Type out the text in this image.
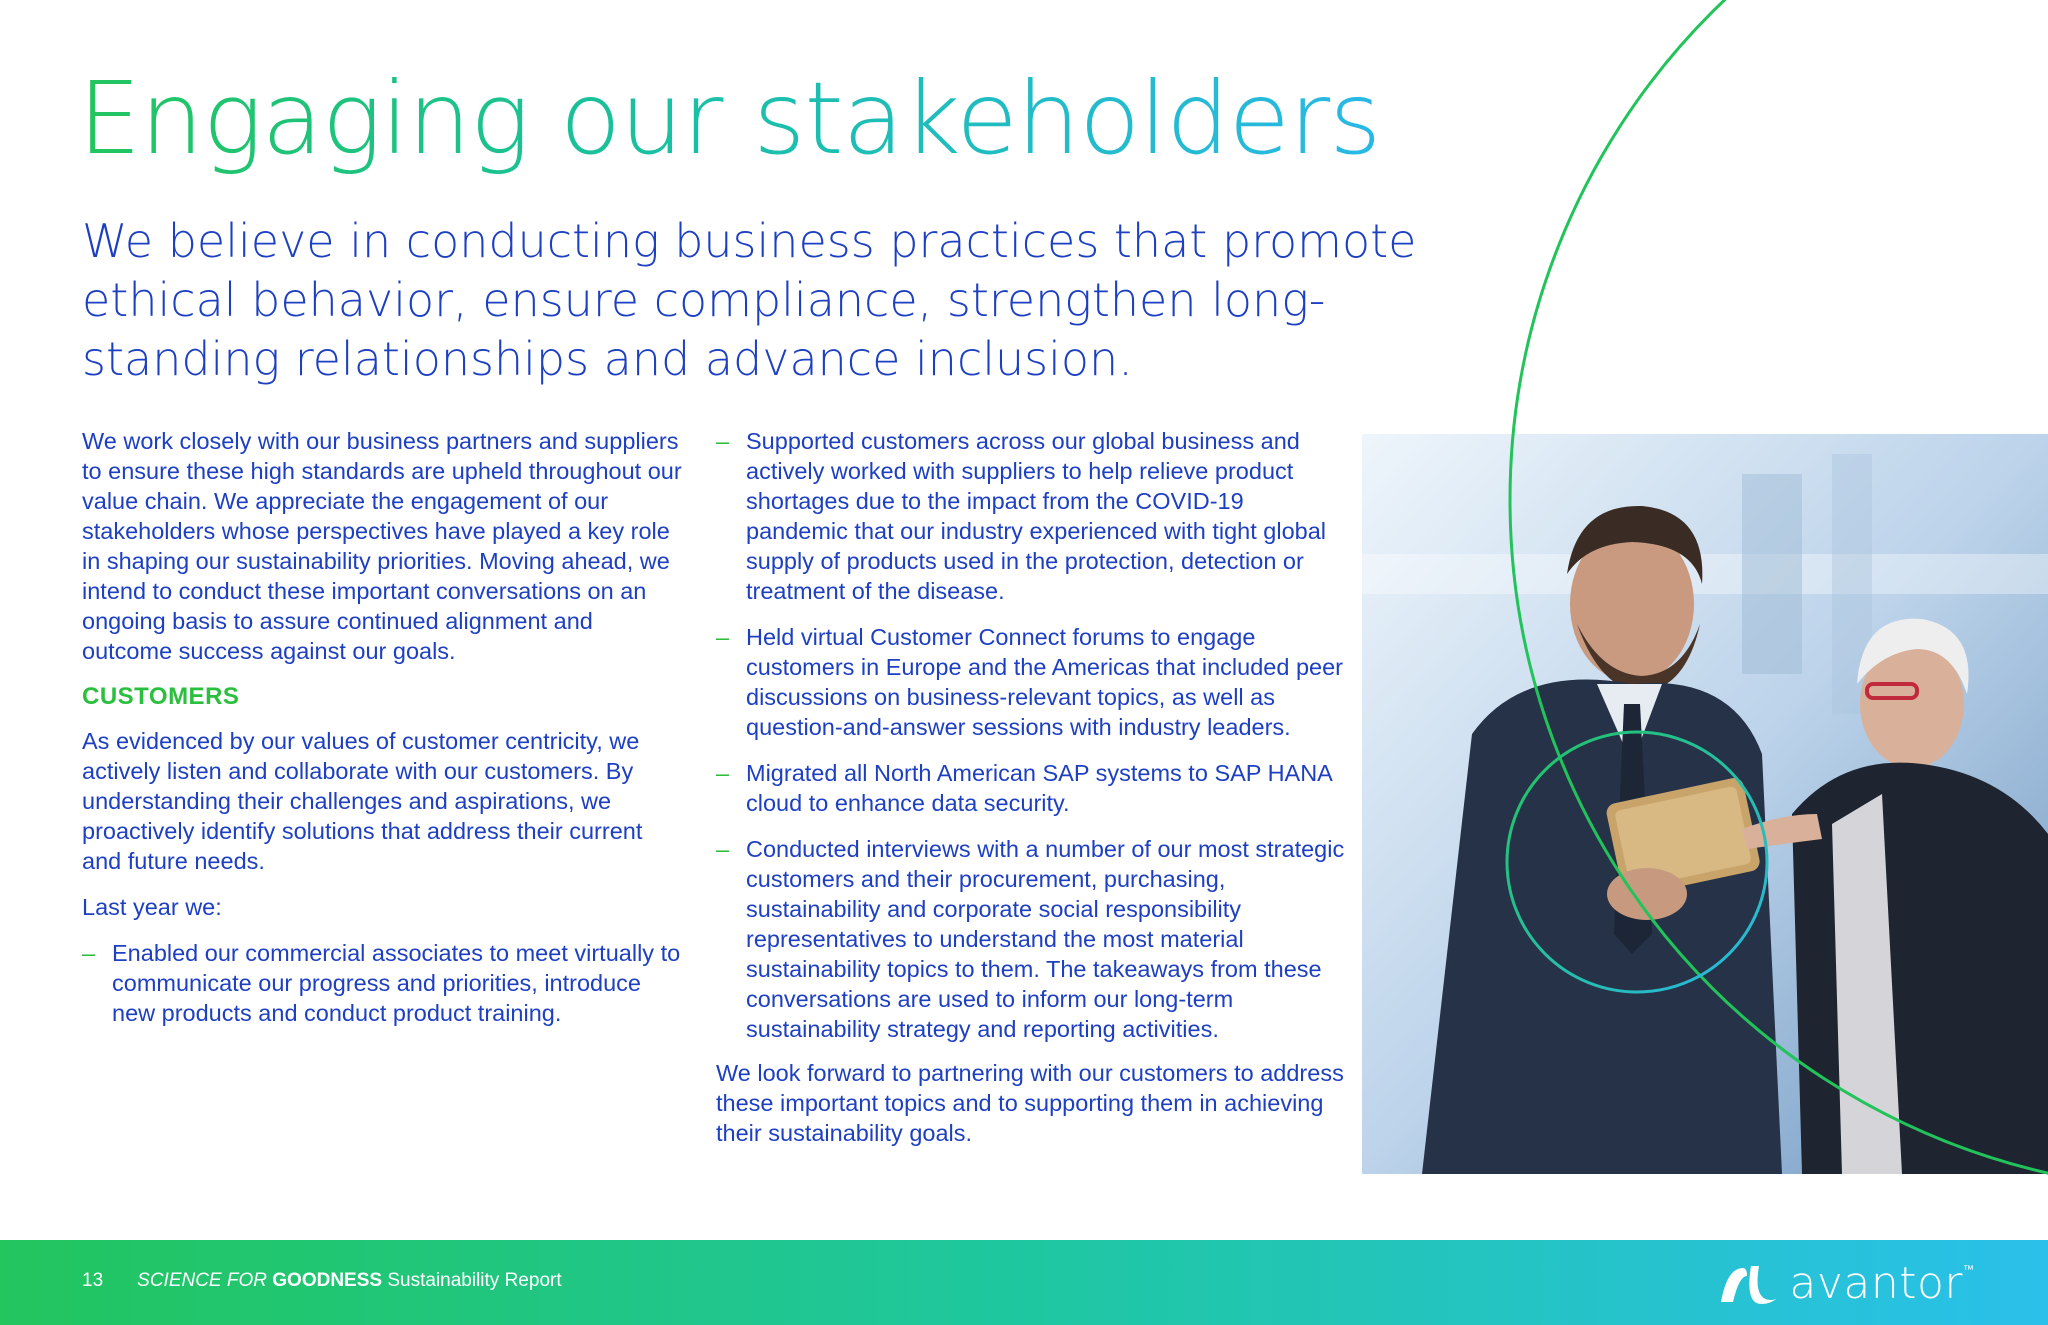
Engaging our stakeholders
We believe in conducting business practices that promote ethical behavior, ensure compliance, strengthen long-standing relationships and advance inclusion.

We work closely with our business partners and suppliers to ensure these high standards are upheld throughout our value chain. We appreciate the engagement of our stakeholders whose perspectives have played a key role in shaping our sustainability priorities. Moving ahead, we intend to conduct these important conversations on an ongoing basis to assure continued alignment and outcome success against our goals.

CUSTOMERS

As evidenced by our values of customer centricity, we actively listen and collaborate with our customers. By understanding their challenges and aspirations, we proactively identify solutions that address their current and future needs.

Last year we:

– Enabled our commercial associates to meet virtually to communicate our progress and priorities, introduce new products and conduct product training.
– Supported customers across our global business and actively worked with suppliers to help relieve product shortages due to the impact from the COVID-19 pandemic that our industry experienced with tight global supply of products used in the protection, detection or treatment of the disease.
– Held virtual Customer Connect forums to engage customers in Europe and the Americas that included peer discussions on business-relevant topics, as well as question-and-answer sessions with industry leaders.
– Migrated all North American SAP systems to SAP HANA cloud to enhance data security.
– Conducted interviews with a number of our most strategic customers and their procurement, purchasing, sustainability and corporate social responsibility representatives to understand the most material sustainability topics to them. The takeaways from these conversations are used to inform our long-term sustainability strategy and reporting activities.

We look forward to partnering with our customers to address these important topics and to supporting them in achieving their sustainability goals.

13 SCIENCE FOR GOODNESS Sustainability Report	avantor ™
